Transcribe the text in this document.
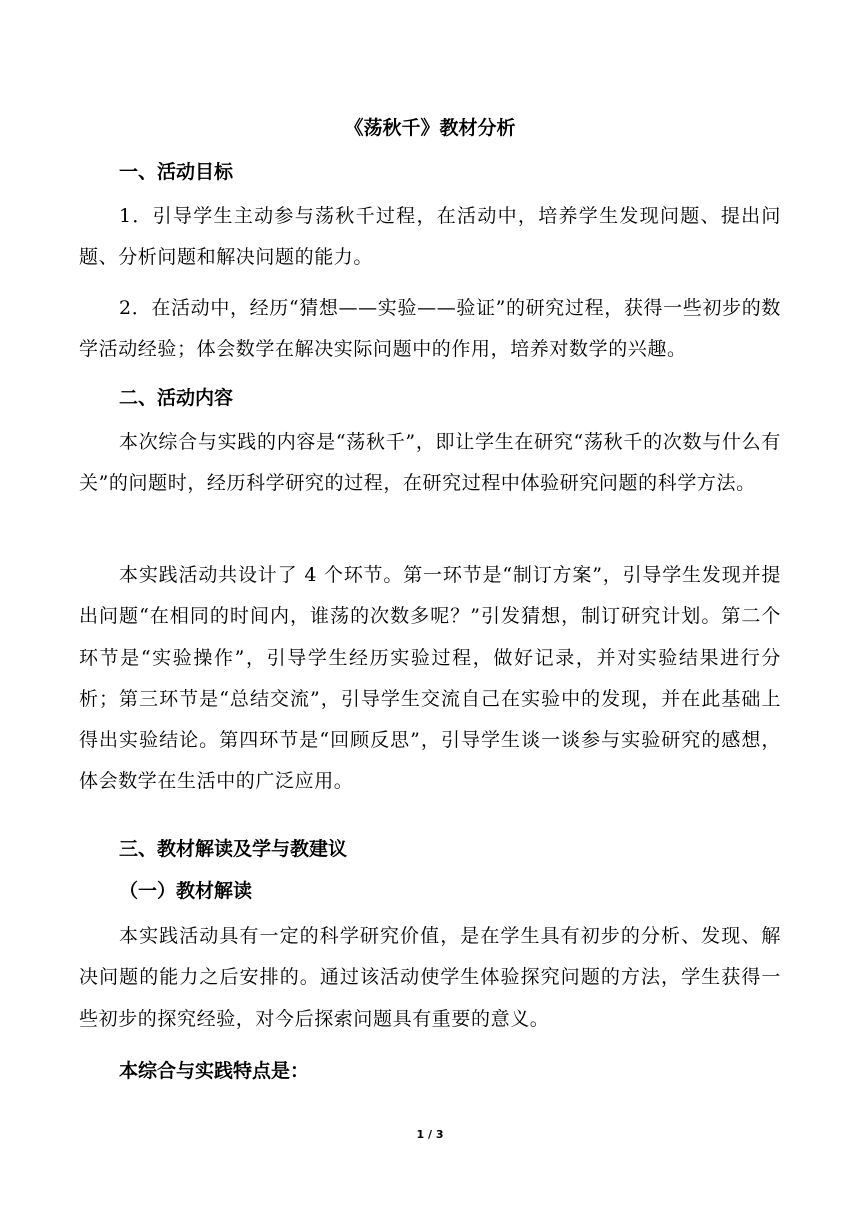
《荡秋千》教材分析
一、活动目标

1．引导学生主动参与荡秋千过程，在活动中，培养学生发现问题、提出问题、分析问题和解决问题的能力。

2．在活动中，经历“猜想——实验——验证”的研究过程，获得一些初步的数学活动经验；体会数学在解决实际问题中的作用，培养对数学的兴趣。

二、活动内容

本次综合与实践的内容是“荡秋千”，即让学生在研究“荡秋千的次数与什么有关”的问题时，经历科学研究的过程，在研究过程中体验研究问题的科学方法。

本实践活动共设计了 4 个环节。第一环节是“制订方案”，引导学生发现并提出问题“在相同的时间内，谁荡的次数多呢？”引发猜想，制订研究计划。第二个环节是“实验操作”，引导学生经历实验过程，做好记录，并对实验结果进行分析；第三环节是“总结交流”，引导学生交流自己在实验中的发现，并在此基础上得出实验结论。第四环节是“回顾反思”，引导学生谈一谈参与实验研究的感想，体会数学在生活中的广泛应用。

三、教材解读及学与教建议
（一）教材解读

本实践活动具有一定的科学研究价值，是在学生具有初步的分析、发现、解决问题的能力之后安排的。通过该活动使学生体验探究问题的方法，学生获得一些初步的探究经验，对今后探索问题具有重要的意义。

本综合与实践特点是：
1 / 3
